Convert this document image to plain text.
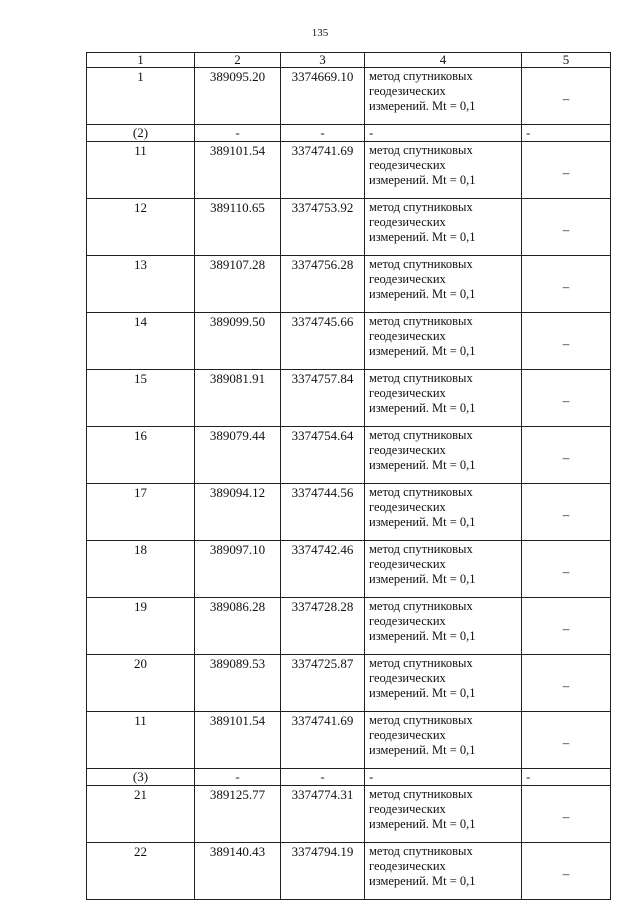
135
1	2	3	4	5
1	389095.20	3374669.10	метод спутниковых
геодезических
измерений. Mt = 0,1	–
(2)	-	-	-	-
11	389101.54	3374741.69	метод спутниковых
геодезических
измерений. Mt = 0,1	–
12	389110.65	3374753.92	метод спутниковых
геодезических
измерений. Mt = 0,1	–
13	389107.28	3374756.28	метод спутниковых
геодезических
измерений. Mt = 0,1	–
14	389099.50	3374745.66	метод спутниковых
геодезических
измерений. Mt = 0,1	–
15	389081.91	3374757.84	метод спутниковых
геодезических
измерений. Mt = 0,1	–
16	389079.44	3374754.64	метод спутниковых
геодезических
измерений. Mt = 0,1	–
17	389094.12	3374744.56	метод спутниковых
геодезических
измерений. Mt = 0,1	–
18	389097.10	3374742.46	метод спутниковых
геодезических
измерений. Mt = 0,1	–
19	389086.28	3374728.28	метод спутниковых
геодезических
измерений. Mt = 0,1	–
20	389089.53	3374725.87	метод спутниковых
геодезических
измерений. Mt = 0,1	–
11	389101.54	3374741.69	метод спутниковых
геодезических
измерений. Mt = 0,1	–
(3)	-	-	-	-
21	389125.77	3374774.31	метод спутниковых
геодезических
измерений. Mt = 0,1	–
22	389140.43	3374794.19	метод спутниковых
геодезических
измерений. Mt = 0,1	–
